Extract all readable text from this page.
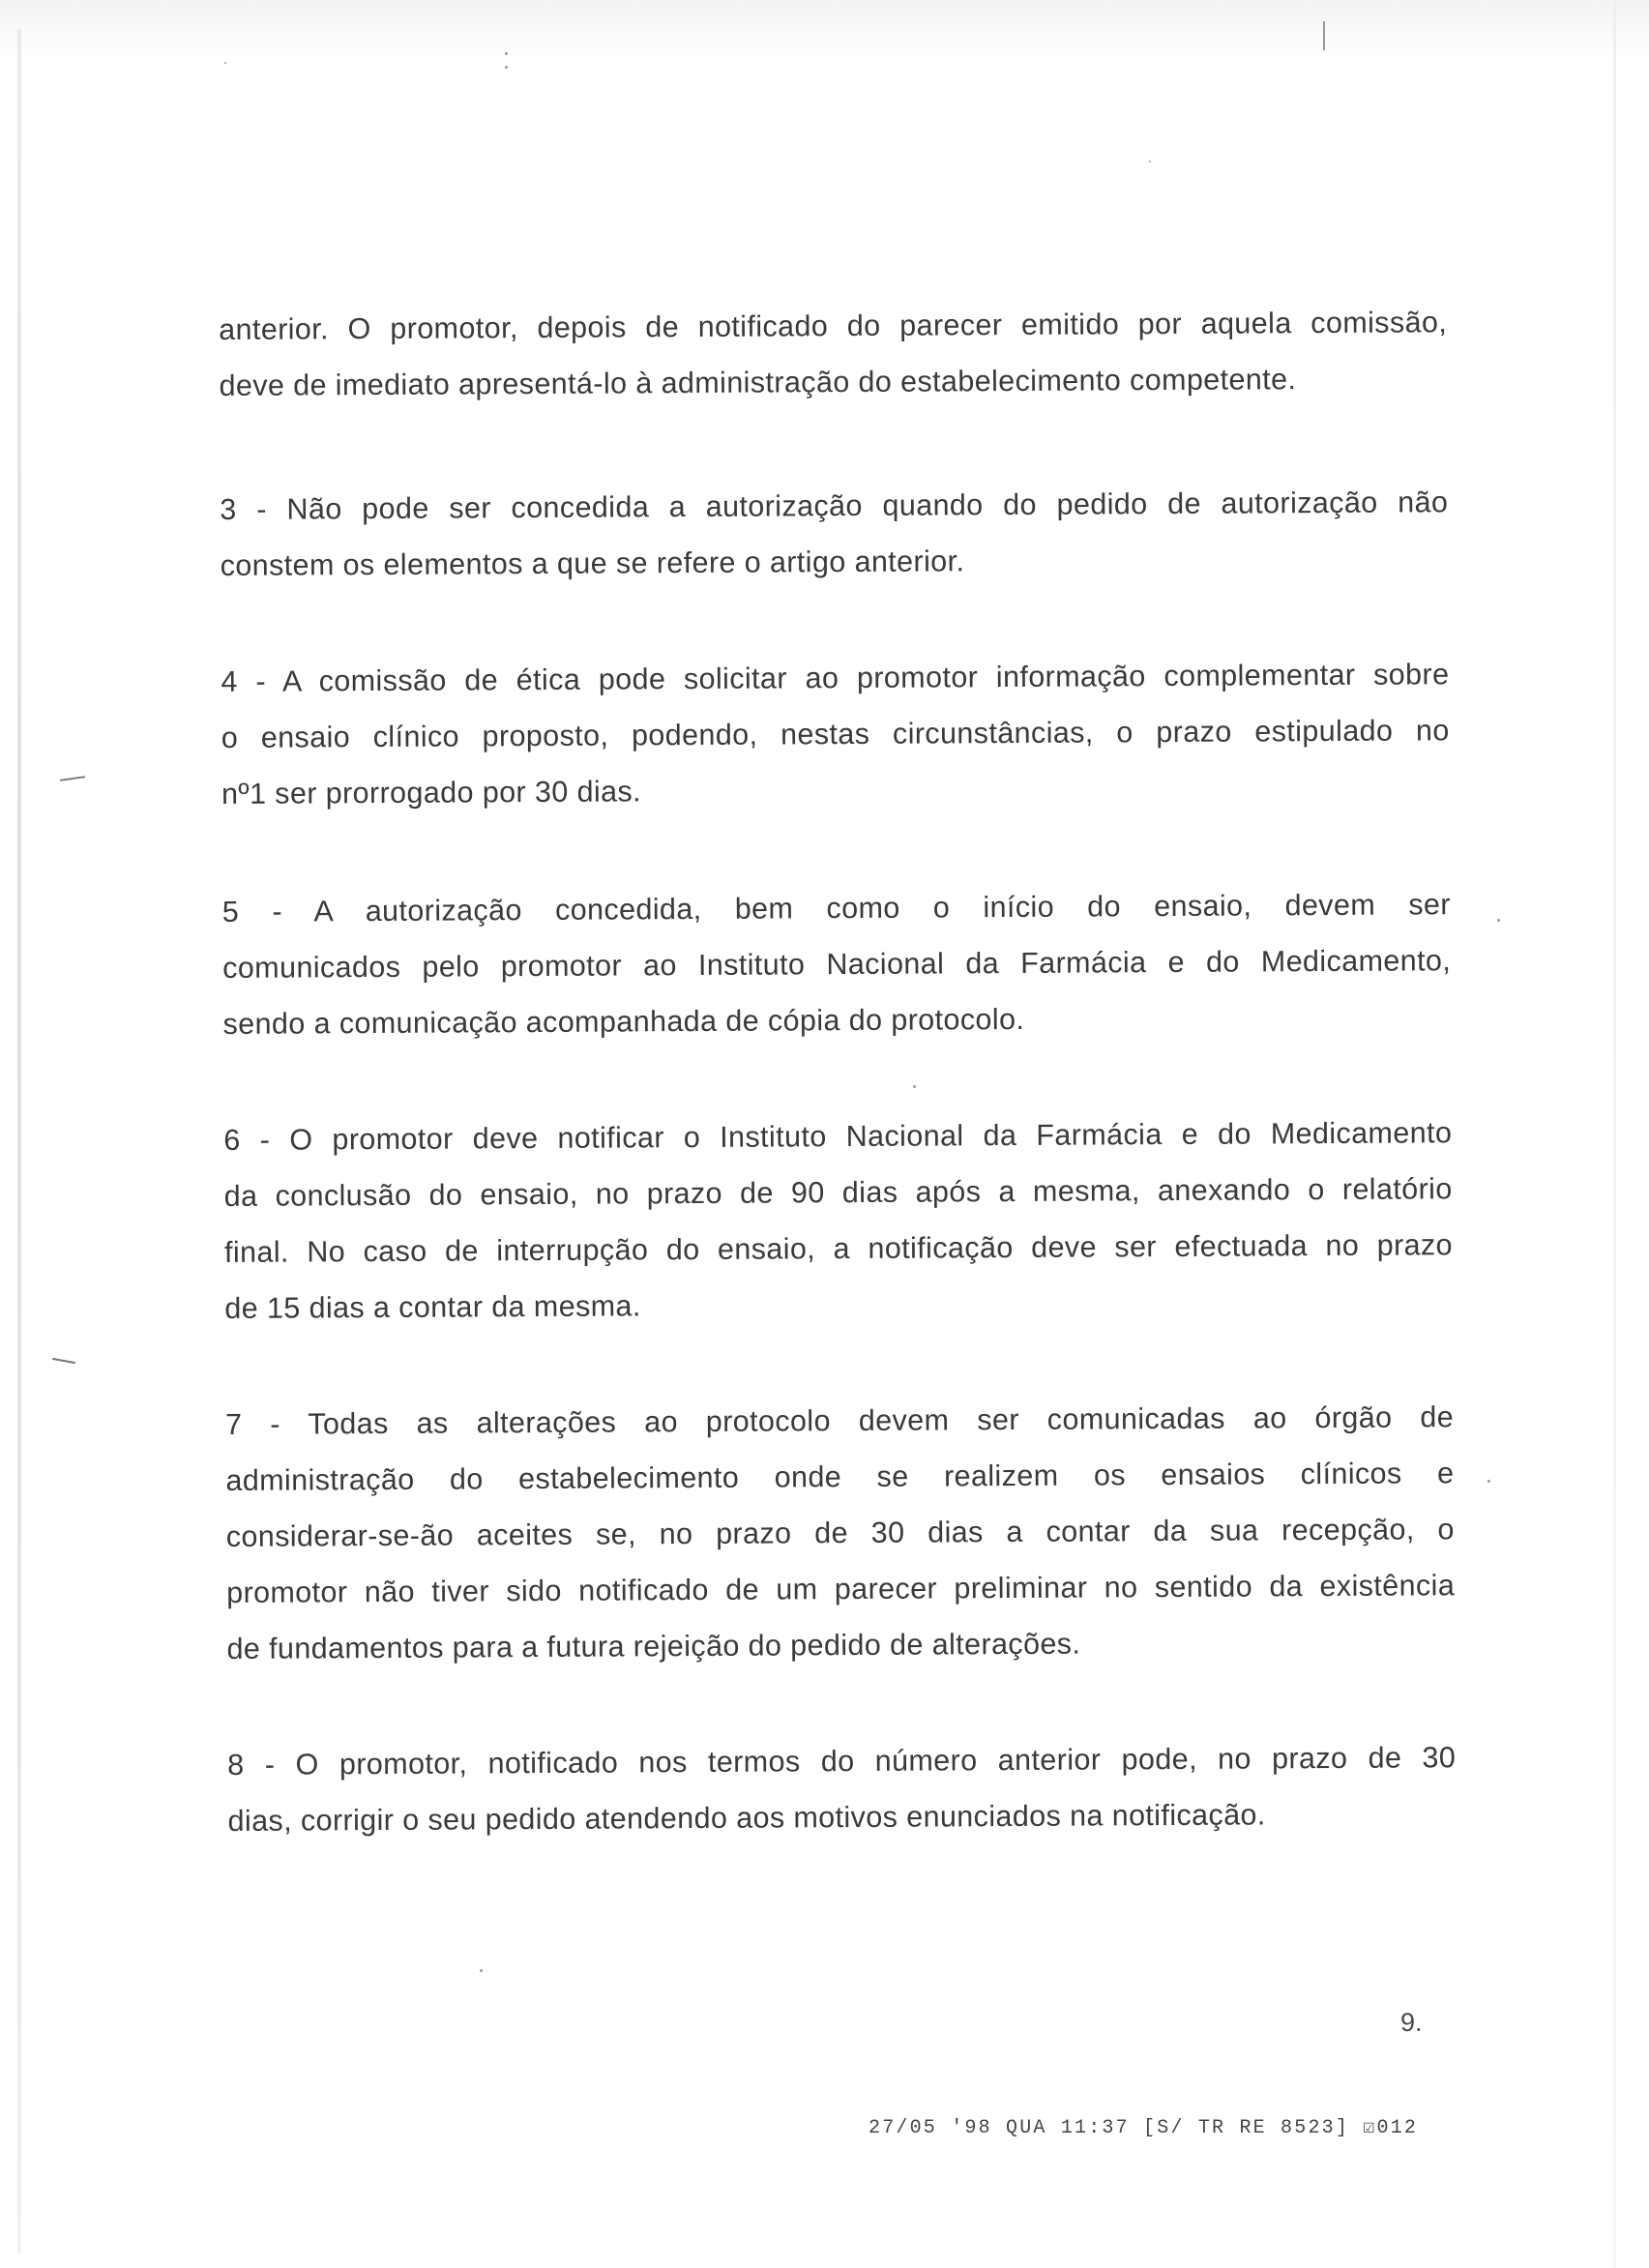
anterior. O promotor, depois de notificado do parecer emitido por aquela comissão,
deve de imediato apresentá-lo à administração do estabelecimento competente.

3 - Não pode ser concedida a autorização quando do pedido de autorização não
constem os elementos a que se refere o artigo anterior.

4 - A comissão de ética pode solicitar ao promotor informação complementar sobre
o ensaio clínico proposto, podendo, nestas circunstâncias, o prazo estipulado no
nº1 ser prorrogado por 30 dias.

5 - A autorização concedida, bem como o início do ensaio, devem ser
comunicados pelo promotor ao Instituto Nacional da Farmácia e do Medicamento,
sendo a comunicação acompanhada de cópia do protocolo.

6 - O promotor deve notificar o Instituto Nacional da Farmácia e do Medicamento
da conclusão do ensaio, no prazo de 90 dias após a mesma, anexando o relatório
final. No caso de interrupção do ensaio, a notificação deve ser efectuada no prazo
de 15 dias a contar da mesma.

7 - Todas as alterações ao protocolo devem ser comunicadas ao órgão de
administração do estabelecimento onde se realizem os ensaios clínicos e
considerar-se-ão aceites se, no prazo de 30 dias a contar da sua recepção, o
promotor não tiver sido notificado de um parecer preliminar no sentido da existência
de fundamentos para a futura rejeição do pedido de alterações.

8 - O promotor, notificado nos termos do número anterior pode, no prazo de 30
dias, corrigir o seu pedido atendendo aos motivos enunciados na notificação.

9.
27/05 '98 QUA 11:37 [S/ TR RE 8523] ☑012
